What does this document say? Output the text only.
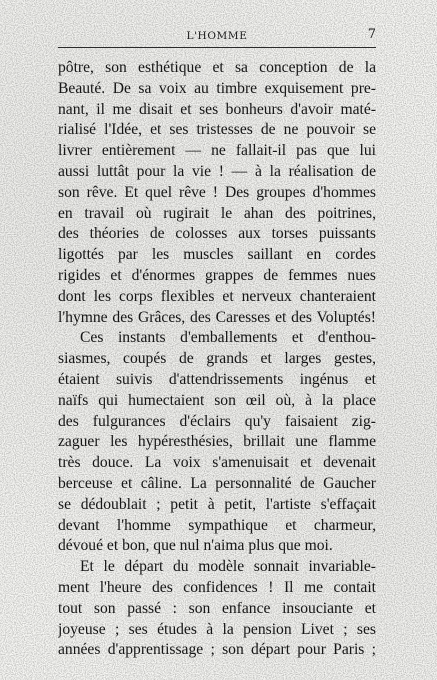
L'HOMME	7
pôtre, son esthétique et sa conception de la
Beauté. De sa voix au timbre exquisement pre-
nant, il me disait et ses bonheurs d'avoir maté-
rialisé l'Idée, et ses tristesses de ne pouvoir se
livrer entièrement — ne fallait-il pas que lui
aussi luttât pour la vie ! — à la réalisation de
son rêve. Et quel rêve ! Des groupes d'hommes
en travail où rugirait le ahan des poitrines,
des théories de colosses aux torses puissants
ligottés par les muscles saillant en cordes
rigides et d'énormes grappes de femmes nues
dont les corps flexibles et nerveux chanteraient
l'hymne des Grâces, des Caresses et des Voluptés!
Ces instants d'emballements et d'enthou-
siasmes, coupés de grands et larges gestes,
étaient suivis d'attendrissements ingénus et
naïfs qui humectaient son œil où, à la place
des fulgurances d'éclairs qu'y faisaient zig-
zaguer les hypéresthésies, brillait une flamme
très douce. La voix s'amenuisait et devenait
berceuse et câline. La personnalité de Gaucher
se dédoublait ; petit à petit, l'artiste s'effaçait
devant l'homme sympathique et charmeur,
dévoué et bon, que nul n'aima plus que moi.
Et le départ du modèle sonnait invariable-
ment l'heure des confidences ! Il me contait
tout son passé : son enfance insouciante et
joyeuse ; ses études à la pension Livet ; ses
années d'apprentissage ; son départ pour Paris ;
